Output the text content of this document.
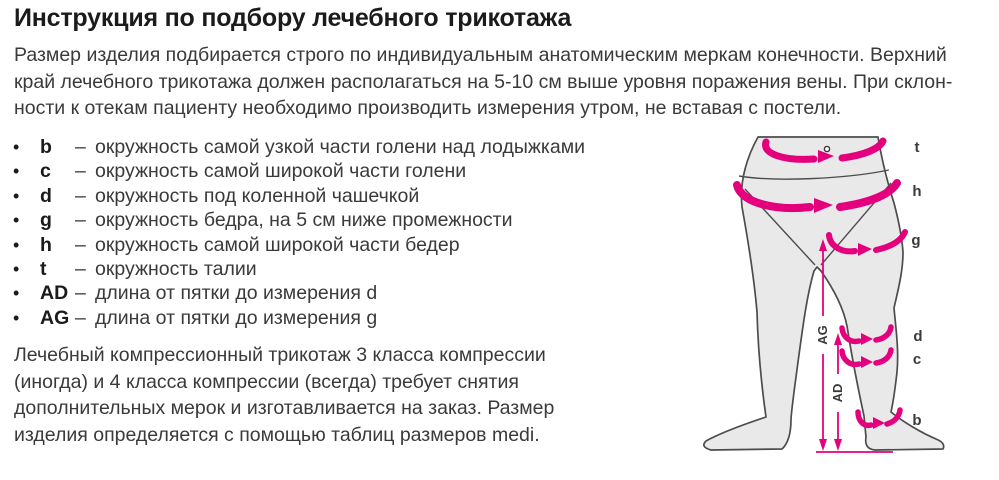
Инструкция по подбору лечебного трикотажа
Размер изделия подбирается строго по индивидуальным анатомическим меркам конечности. Верхний
край лечебного трикотажа должен располагаться на 5-10 см выше уровня поражения вены. При склон-
ности к отекам пациенту необходимо производить измерения утром, не вставая с постели.
•	b	– окружность самой узкой части голени над лодыжками
•	c	– окружность самой широкой части голени
•	d	– окружность под коленной чашечкой
•	g	– окружность бедра, на 5 см ниже промежности
•	h	– окружность самой широкой части бедер
•	t	– окружность талии
•	AD – длина от пятки до измерения d
•	AG – длина от пятки до измерения g
Лечебный компрессионный трикотаж 3 класса компрессии
(иногда) и 4 класса компрессии (всегда) требует снятия
дополнительных мерок и изготавливается на заказ. Размер
изделия определяется с помощью таблиц размеров medi.
AG
AD
t
h
g
d
c
b
